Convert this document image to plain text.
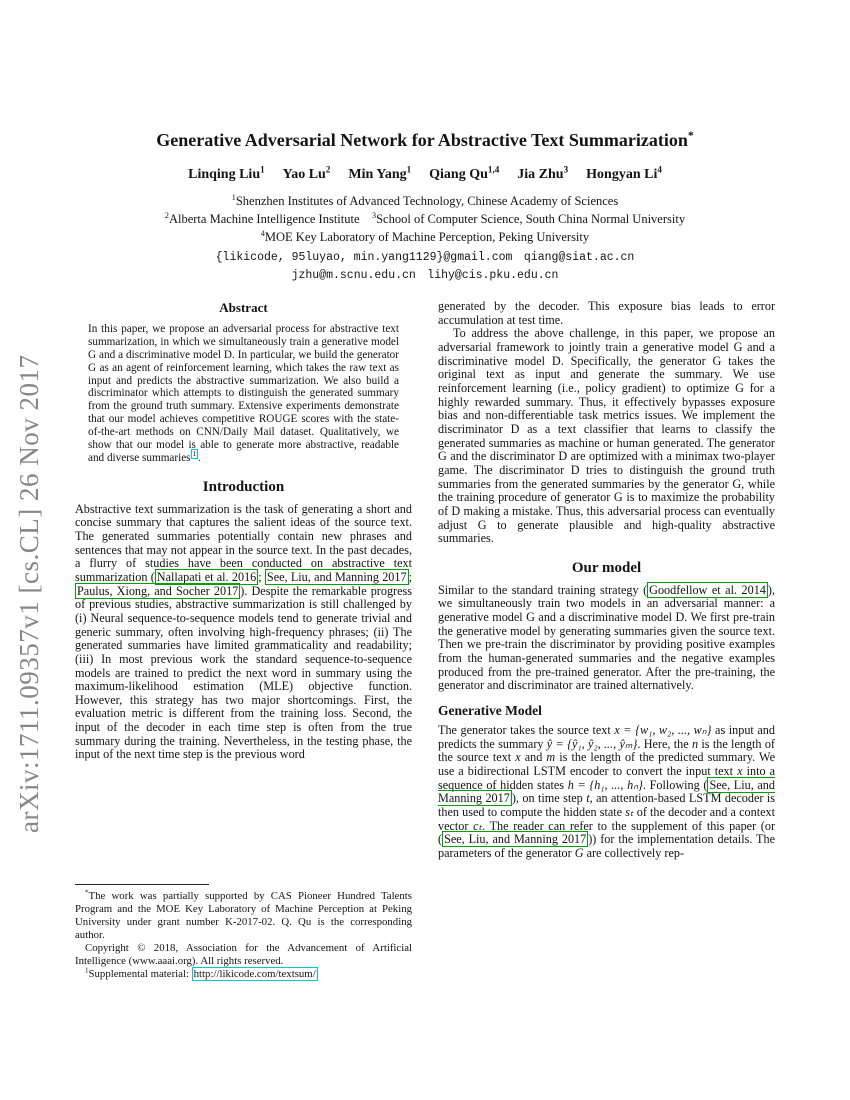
arXiv:1711.09357v1 [cs.CL] 26 Nov 2017
Generative Adversarial Network for Abstractive Text Summarization*
Linqing Liu$^1$ Yao Lu$^2$ Min Yang$^1$ Qiang Qu$^{1,4}$ Jia Zhu$^3$ Hongyan Li$^4$
$^1$Shenzhen Institutes of Advanced Technology, Chinese Academy of Sciences
$^2$Alberta Machine Intelligence Institute  $^3$School of Computer Science, South China Normal University
$^4$MOE Key Laboratory of Machine Perception, Peking University
{likicode, 95luyao, min.yang1129}@gmail.com  qiang@siat.ac.cn
jzhu@m.scnu.edu.cn  lihy@cis.pku.edu.cn
Abstract
In this paper, we propose an adversarial process for abstractive text summarization, in which we simultaneously train a generative model G and a discriminative model D. In particular, we build the generator G as an agent of reinforcement learning, which takes the raw text as input and predicts the abstractive summarization. We also build a discriminator which attempts to distinguish the generated summary from the ground truth summary. Extensive experiments demonstrate that our model achieves competitive ROUGE scores with the state-of-the-art methods on CNN/Daily Mail dataset. Qualitatively, we show that our model is able to generate more abstractive, readable and diverse summaries $^1$ .
Introduction

Abstractive text summarization is the task of generating a short and concise summary that captures the salient ideas of the source text. The generated summaries potentially contain new phrases and sentences that may not appear in the source text. In the past decades, a flurry of studies have been conducted on abstractive text summarization ( Nallapati et al. 2016 ; See, Liu, and Manning 2017 ; Paulus, Xiong, and Socher 2017 ). Despite the remarkable progress of previous studies, abstractive summarization is still challenged by (i) Neural sequence-to-sequence models tend to generate trivial and generic summary, often involving high-frequency phrases; (ii) The generated summaries have limited grammaticality and readability; (iii) In most previous work the standard sequence-to-sequence models are trained to predict the next word in summary using the maximum-likelihood estimation (MLE) objective function. However, this strategy has two major shortcomings. First, the evaluation metric is different from the training loss. Second, the input of the decoder in each time step is often from the true summary during the training. Nevertheless, in the testing phase, the input of the next time step is the previous word

*The work was partially supported by CAS Pioneer Hundred Talents Program and the MOE Key Laboratory of Machine Perception at Peking University under grant number K-2017-02. Q. Qu is the corresponding author.

Copyright © 2018, Association for the Advancement of Artificial Intelligence (www.aaai.org). All rights reserved.

$^1$Supplemental material: http://likicode.com/textsum/

generated by the decoder. This exposure bias leads to error accumulation at test time.

To address the above challenge, in this paper, we propose an adversarial framework to jointly train a generative model G and a discriminative model D. Specifically, the generator G takes the original text as input and generate the summary. We use reinforcement learning (i.e., policy gradient) to optimize G for a highly rewarded summary. Thus, it effectively bypasses exposure bias and non-differentiable task metrics issues. We implement the discriminator D as a text classifier that learns to classify the generated summaries as machine or human generated. The generator G and the discriminator D are optimized with a minimax two-player game. The discriminator D tries to distinguish the ground truth summaries from the generated summaries by the generator G, while the training procedure of generator G is to maximize the probability of D making a mistake. Thus, this adversarial process can eventually adjust G to generate plausible and high-quality abstractive summaries.

Our model

Similar to the standard training strategy ( Goodfellow et al. 2014 ), we simultaneously train two models in an adversarial manner: a generative model G and a discriminative model D. We first pre-train the generative model by generating summaries given the source text. Then we pre-train the discriminator by providing positive examples from the human-generated summaries and the negative examples produced from the pre-trained generator. After the pre-training, the generator and discriminator are trained alternatively.

Generative Model

The generator takes the source text x = {w₁, w₂, ..., wₙ} as input and predicts the summary ŷ = {ŷ₁, ŷ₂, ..., ŷₘ}. Here, the n is the length of the source text x and m is the length of the predicted summary. We use a bidirectional LSTM encoder to convert the input text x into a sequence of hidden states h = {h₁, ..., hₙ}. Following ( See, Liu, and Manning 2017 ), on time step t, an attention-based LSTM decoder is then used to compute the hidden state sₜ of the decoder and a context vector cₜ. The reader can refer to the supplement of this paper (or ( See, Liu, and Manning 2017 )) for the implementation details. The parameters of the generator G are collectively rep-
